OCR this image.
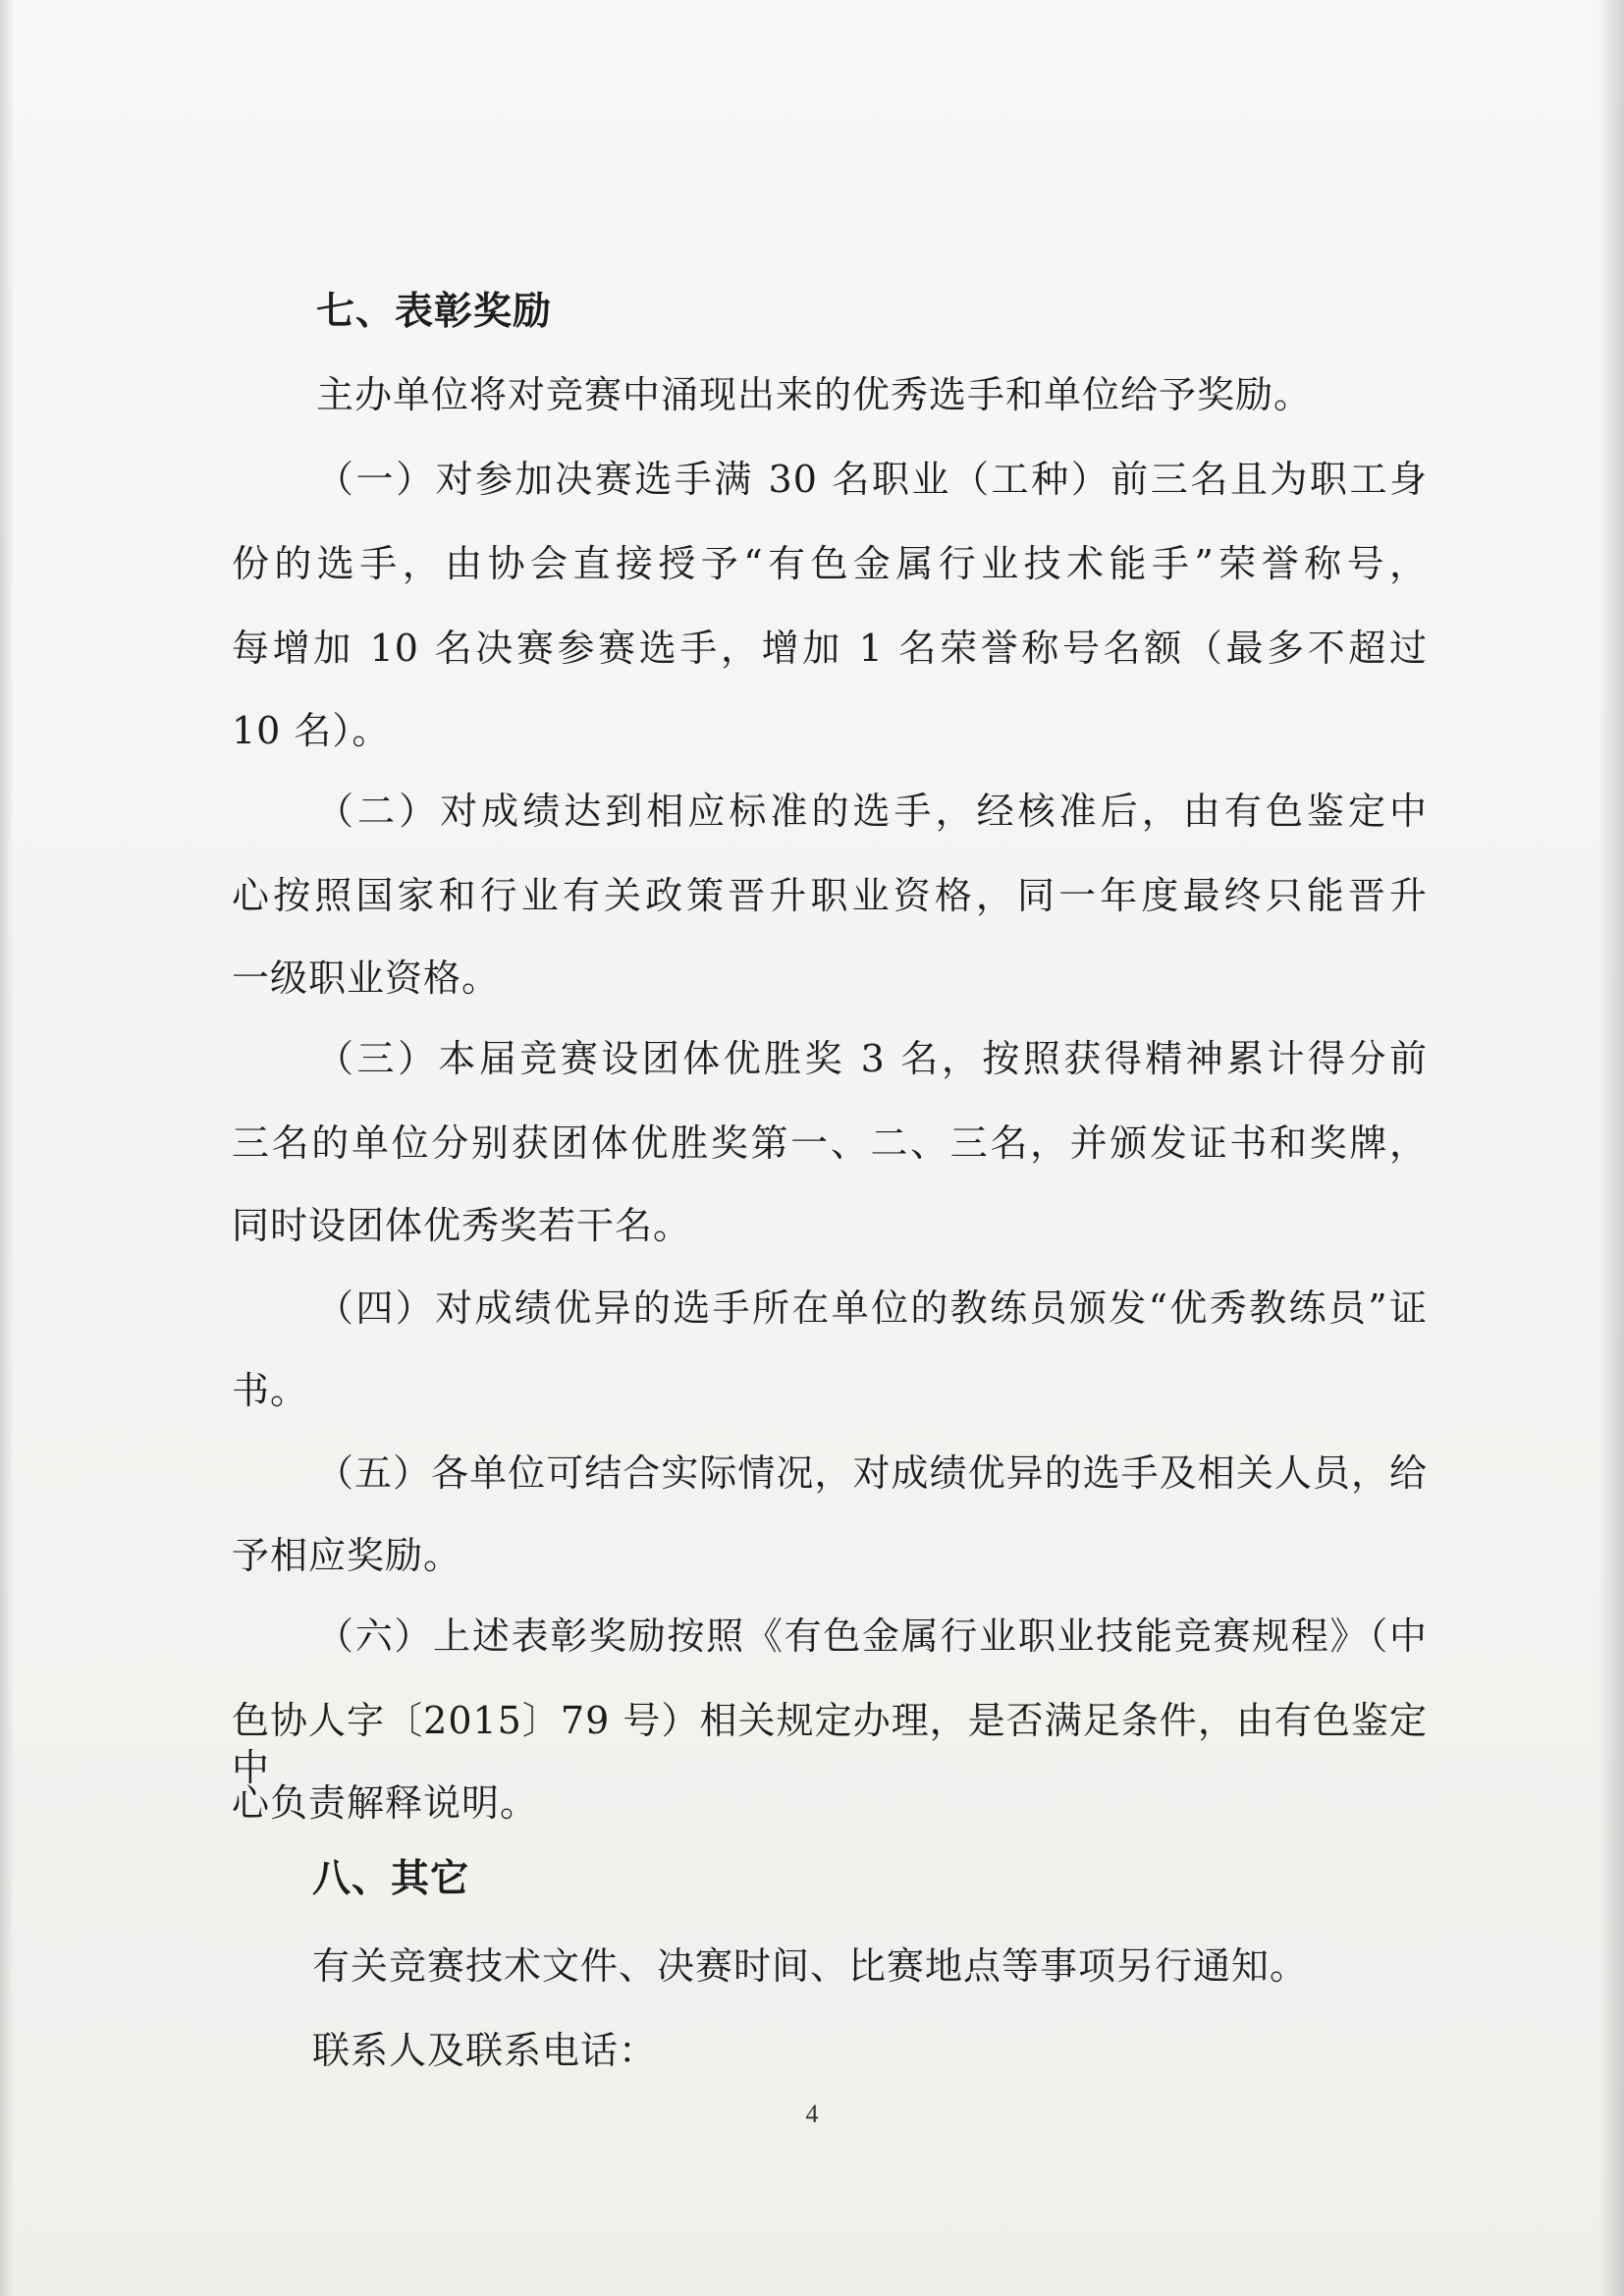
七、表彰奖励
主办单位将对竞赛中涌现出来的优秀选手和单位给予奖励。
（一）对参加决赛选手满 30 名职业（工种）前三名且为职工身
份的选手，由协会直接授予“有色金属行业技术能手”荣誉称号，
每增加 10 名决赛参赛选手，增加 1 名荣誉称号名额（最多不超过
10 名）。
（二）对成绩达到相应标准的选手，经核准后，由有色鉴定中
心按照国家和行业有关政策晋升职业资格，同一年度最终只能晋升
一级职业资格。
（三）本届竞赛设团体优胜奖 3 名，按照获得精神累计得分前
三名的单位分别获团体优胜奖第一、二、三名，并颁发证书和奖牌，
同时设团体优秀奖若干名。
（四）对成绩优异的选手所在单位的教练员颁发“优秀教练员”证
书。
（五）各单位可结合实际情况，对成绩优异的选手及相关人员，给
予相应奖励。
（六）上述表彰奖励按照《有色金属行业职业技能竞赛规程》（中
色协人字〔2015〕79 号）相关规定办理，是否满足条件，由有色鉴定中
心负责解释说明。
八、其它
有关竞赛技术文件、决赛时间、比赛地点等事项另行通知。
联系人及联系电话：
4
